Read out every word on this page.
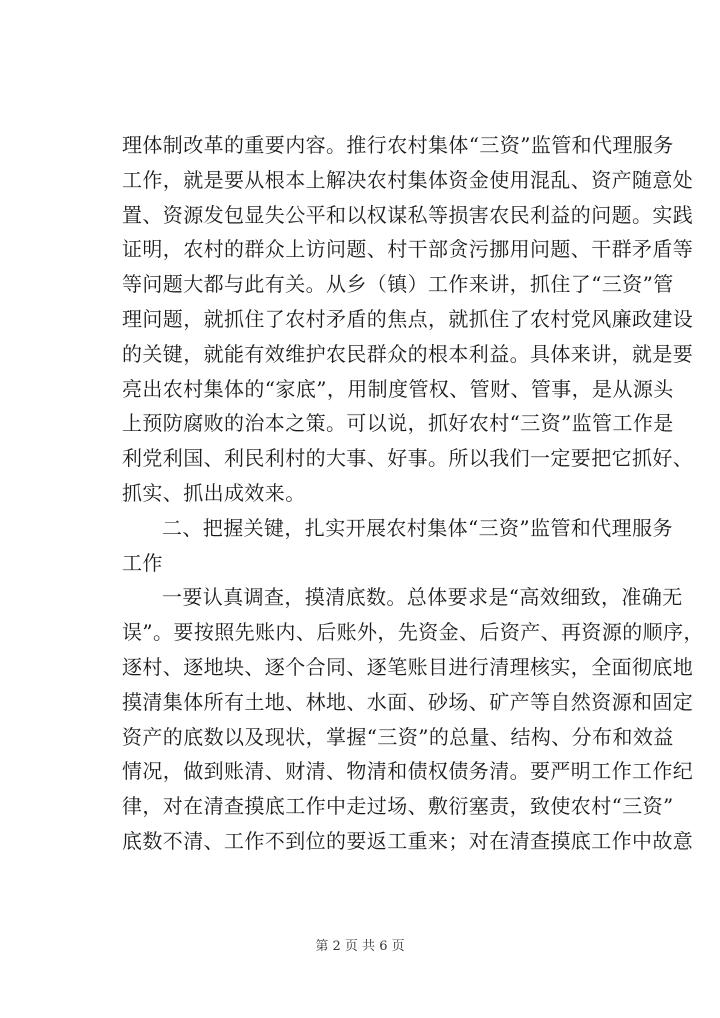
理体制改革的重要内容。推行农村集体“三资”监管和代理服务
工作，就是要从根本上解决农村集体资金使用混乱、资产随意处
置、资源发包显失公平和以权谋私等损害农民利益的问题。实践
证明，农村的群众上访问题、村干部贪污挪用问题、干群矛盾等
等问题大都与此有关。从乡（镇）工作来讲，抓住了“三资”管
理问题，就抓住了农村矛盾的焦点，就抓住了农村党风廉政建设
的关键，就能有效维护农民群众的根本利益。具体来讲，就是要
亮出农村集体的“家底”，用制度管权、管财、管事，是从源头
上预防腐败的治本之策。可以说，抓好农村“三资”监管工作是
利党利国、利民利村的大事、好事。所以我们一定要把它抓好、
抓实、抓出成效来。
二、把握关键，扎实开展农村集体“三资”监管和代理服务
工作
一要认真调查，摸清底数。总体要求是“高效细致，准确无
误”。要按照先账内、后账外，先资金、后资产、再资源的顺序，
逐村、逐地块、逐个合同、逐笔账目进行清理核实，全面彻底地
摸清集体所有土地、林地、水面、砂场、矿产等自然资源和固定
资产的底数以及现状，掌握“三资”的总量、结构、分布和效益
情况，做到账清、财清、物清和债权债务清。要严明工作工作纪
律，对在清查摸底工作中走过场、敷衍塞责，致使农村“三资”
底数不清、工作不到位的要返工重来；对在清查摸底工作中故意
第 2 页 共 6 页
